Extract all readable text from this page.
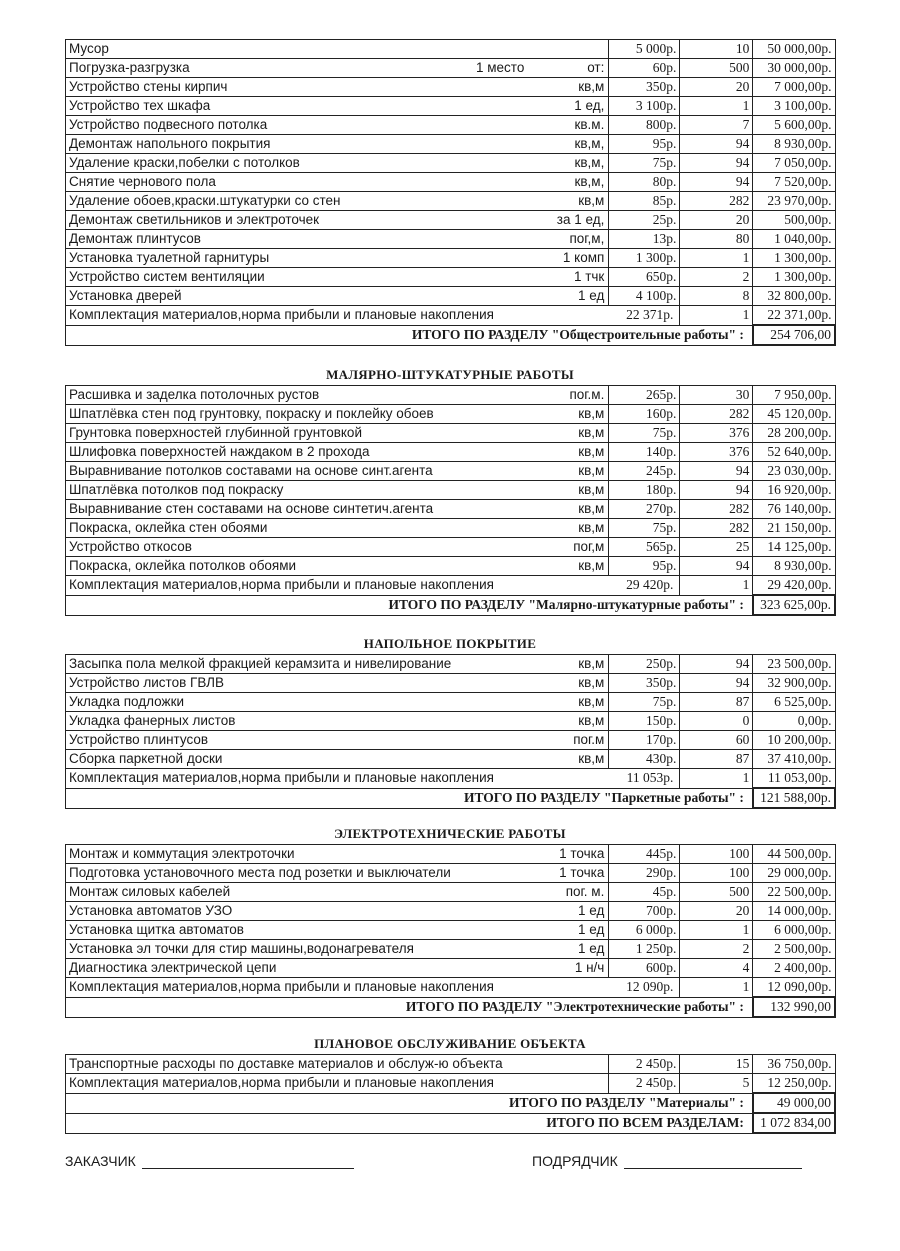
Мусор	5 000р.	10	50 000,00р.
Погрузка-разгрузка 1 место от:	60р.	500	30 000,00р.
Устройство стены кирпич кв,м	350р.	20	7 000,00р.
Устройство тех шкафа 1 ед,	3 100р.	1	3 100,00р.
Устройство подвесного потолка кв.м.	800р.	7	5 600,00р.
Демонтаж напольного покрытия кв,м,	95р.	94	8 930,00р.
Удаление краски,побелки с потолков кв,м,	75р.	94	7 050,00р.
Снятие чернового пола кв,м,	80р.	94	7 520,00р.
Удаление обоев,краски.штукатурки со стен кв,м	85р.	282	23 970,00р.
Демонтаж светильников и электроточек за 1 ед,	25р.	20	500,00р.
Демонтаж плинтусов пог,м,	13р.	80	1 040,00р.
Установка туалетной гарнитуры 1 комп	1 300р.	1	1 300,00р.
Устройство систем вентиляции 1 тчк	650р.	2	1 300,00р.
Установка дверей 1 ед	4 100р.	8	32 800,00р.
Комплектация материалов,норма прибыли и плановые накопления 22 371р.		1	22 371,00р.
ИТОГО ПО РАЗДЕЛУ "Общестроительные работы" :			254 706,00
МАЛЯРНО-ШТУКАТУРНЫЕ РАБОТЫ
Расшивка и заделка потолочных рустов пог.м.	265р.	30	7 950,00р.
Шпатлёвка стен под грунтовку, покраску и поклейку обоев кв,м	160р.	282	45 120,00р.
Грунтовка поверхностей глубинной грунтовкой кв,м	75р.	376	28 200,00р.
Шлифовка поверхностей наждаком в 2 прохода кв,м	140р.	376	52 640,00р.
Выравнивание потолков составами на основе синт.агента кв,м	245р.	94	23 030,00р.
Шпатлёвка потолков под покраску кв,м	180р.	94	16 920,00р.
Выравнивание стен составами на основе синтетич.агента кв,м	270р.	282	76 140,00р.
Покраска, оклейка стен обоями кв,м	75р.	282	21 150,00р.
Устройство откосов пог,м	565р.	25	14 125,00р.
Покраска, оклейка потолков обоями кв,м	95р.	94	8 930,00р.
Комплектация материалов,норма прибыли и плановые накопления 29 420р.		1	29 420,00р.
ИТОГО ПО РАЗДЕЛУ "Малярно-штукатурные работы" :			323 625,00р.
НАПОЛЬНОЕ ПОКРЫТИЕ
Засыпка пола мелкой фракцией керамзита и нивелирование кв,м	250р.	94	23 500,00р.
Устройство листов ГВЛВ кв,м	350р.	94	32 900,00р.
Укладка подложки кв,м	75р.	87	6 525,00р.
Укладка фанерных листов кв,м	150р.	0	0,00р.
Устройство плинтусов пог.м	170р.	60	10 200,00р.
Сборка паркетной доски кв,м	430р.	87	37 410,00р.
Комплектация материалов,норма прибыли и плановые накопления 11 053р.		1	11 053,00р.
ИТОГО ПО РАЗДЕЛУ "Паркетные работы" :			121 588,00р.
ЭЛЕКТРОТЕХНИЧЕСКИЕ РАБОТЫ
Монтаж и коммутация электроточки 1 точка	445р.	100	44 500,00р.
Подготовка установочного места под розетки и выключатели 1 точка	290р.	100	29 000,00р.
Монтаж силовых кабелей пог. м.	45р.	500	22 500,00р.
Установка автоматов УЗО 1 ед	700р.	20	14 000,00р.
Установка щитка автоматов 1 ед	6 000р.	1	6 000,00р.
Установка эл точки для стир машины,водонагревателя 1 ед	1 250р.	2	2 500,00р.
Диагностика электрической цепи 1 н/ч	600р.	4	2 400,00р.
Комплектация материалов,норма прибыли и плановые накопления 12 090р.		1	12 090,00р.
ИТОГО ПО РАЗДЕЛУ "Электротехнические работы" :			132 990,00
ПЛАНОВОЕ ОБСЛУЖИВАНИЕ ОБЪЕКТА
Транспортные расходы по доставке материалов и обслуж-ю объекта	2 450р.	15	36 750,00р.
Комплектация материалов,норма прибыли и плановые накопления	2 450р.	5	12 250,00р.
ИТОГО ПО РАЗДЕЛУ "Материалы" :			49 000,00
ИТОГО ПО ВСЕМ РАЗДЕЛАМ:			1 072 834,00
ЗАКАЗЧИК	ПОДРЯДЧИК
